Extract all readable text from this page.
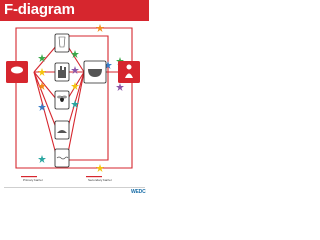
F-diagram
Primary barrier	Secondary barrier
WEDC
